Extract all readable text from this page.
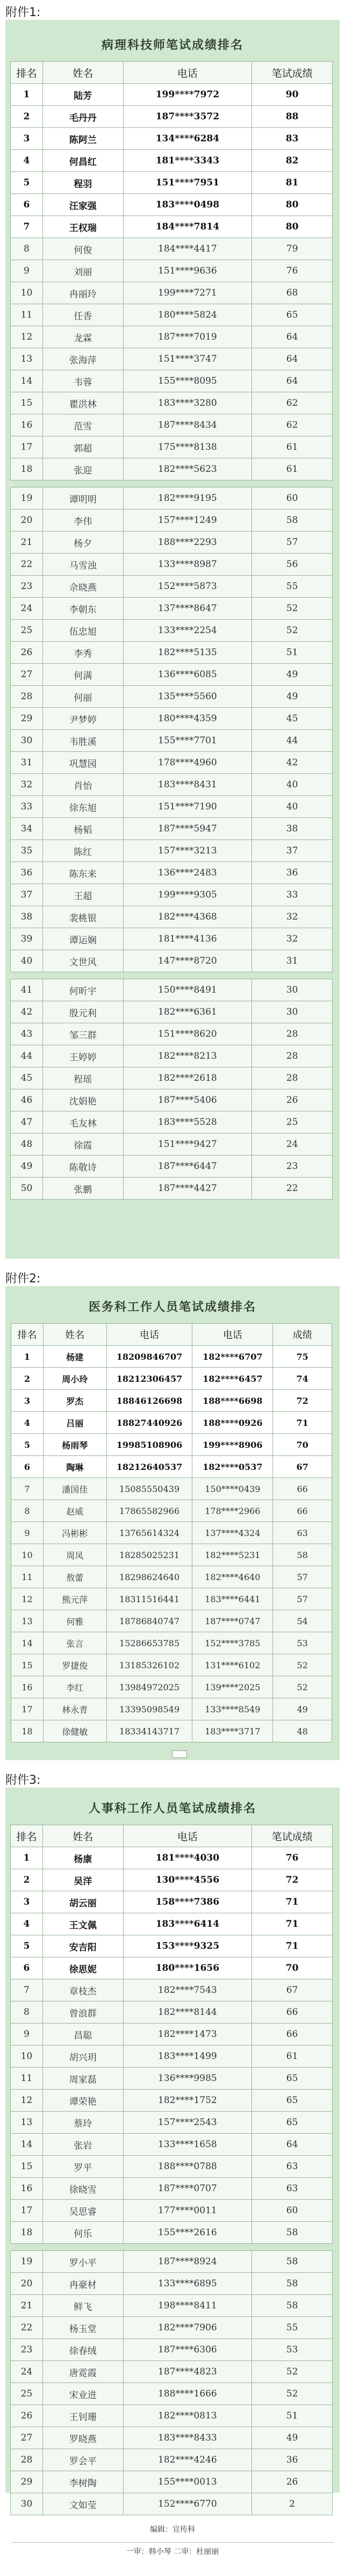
附件1:
病理科技师笔试成绩排名
排名	姓名	电话	笔试成绩
1	陆芳	199****7972	90
2	毛丹丹	187****3572	88
3	陈阿兰	134****6284	83
4	何昌红	181****3343	82
5	程羽	151****7951	81
6	汪家强	183****0498	80
7	王权瑞	184****7814	80
8	何俊	184****4417	79
9	刘丽	151****9636	76
10	冉丽玲	199****7271	68
11	任香	180****5824	65
12	龙霖	187****7019	64
13	张海萍	151****3747	64
14	韦蓉	155****8095	64
15	瞿洪林	183****3280	62
16	范雪	187****8434	62
17	郭超	175****8138	61
18	张迎	182****5623	61

19	谭明明	182****9195	60
20	李伟	157****1249	58
21	杨夕	188****2293	57
22	马雪浊	133****8987	56
23	佘晓燕	152****5873	55
24	李朝东	137****8647	52
25	伍忠旭	133****2254	52
26	李秀	182****5135	51
27	何满	136****6085	49
28	何丽	135****5560	49
29	尹梦婷	180****4359	45
30	韦胜溪	155****7701	44
31	巩慧园	178****4960	42
32	肖怡	183****8431	40
33	徐东旭	151****7190	40
34	杨韬	187****5947	38
35	陈红	157****3213	37
36	陈东来	136****2483	36
37	王超	199****9305	33
38	裴桃银	182****4368	32
39	谭运娴	181****4136	32
40	文世风	147****8720	31

41	何昕宇	150****8491	30
42	殷元利	182****6361	30
43	邹三群	151****8620	28
44	王婷婷	182****8213	28
45	程瑶	182****2618	28
46	沈娟艳	187****5406	26
47	毛友林	183****5528	25
48	徐霞	151****9427	24
49	陈敬诗	187****6447	23
50	张鹏	187****4427	22
附件2:
医务科工作人员笔试成绩排名
排名	姓名	电话	电话	成绩
1	杨建	18209846707	182****6707	75
2	周小玲	18212306457	182****6457	74
3	罗杰	18846126698	188****6698	72
4	吕丽	18827440926	188****0926	71
5	杨雨琴	19985108906	199****8906	70
6	陶琳	18212640537	182****0537	67
7	潘国佳	15085550439	150****0439	66
8	赵威	17865582966	178****2966	66
9	冯彬彬	13765614324	137****4324	63
10	周凤	18285025231	182****5231	58
11	敖蕾	18298624640	182****4640	57
12	熊元萍	18311516441	183****6441	57
13	何雅	18786840747	187****0747	54
14	张言	15286653785	152****3785	53
15	罗捷俊	13185326102	131****6102	52
16	李红	13984972025	139****2025	52
17	林永青	13395098549	133****8549	49
18	徐健敏	18334143717	183****3717	48
附件3:
人事科工作人员笔试成绩排名
排名	姓名	电话	笔试成绩
1	杨康	181****4030	76
2	吴洋	130****4556	72
3	胡云丽	158****7386	71
4	王文佩	183****6414	71
5	安吉阳	153****9325	71
6	徐思妮	180****1656	70
7	章枝杰	182****7543	67
8	曾浪群	182****8144	66
9	昌聪	182****1473	66
10	胡兴玥	183****1499	61
11	周家磊	136****9985	65
12	谭荣艳	182****1752	65
13	蔡玲	157****2543	65
14	张岩	133****1658	64
15	罗平	188****0788	63
16	徐晓雪	187****0707	63
17	吴思睿	177****0011	60
18	何乐	155****2616	58

19	罗小平	187****8924	58
20	冉豪材	133****6895	58
21	鲜飞	198****8411	58
22	杨玉堂	182****7906	55
23	徐春绒	187****6306	53
24	唐霓霞	187****4823	52
25	宋业进	188****1666	52
26	王钊珊	182****0813	51
27	罗晓燕	183****8433	49
28	罗会平	182****4246	36
29	李树陶	155****0013	26
30	文如莹	152****6770	2
编辑：宣传科
一审：韩小琴 二审：杜丽丽
